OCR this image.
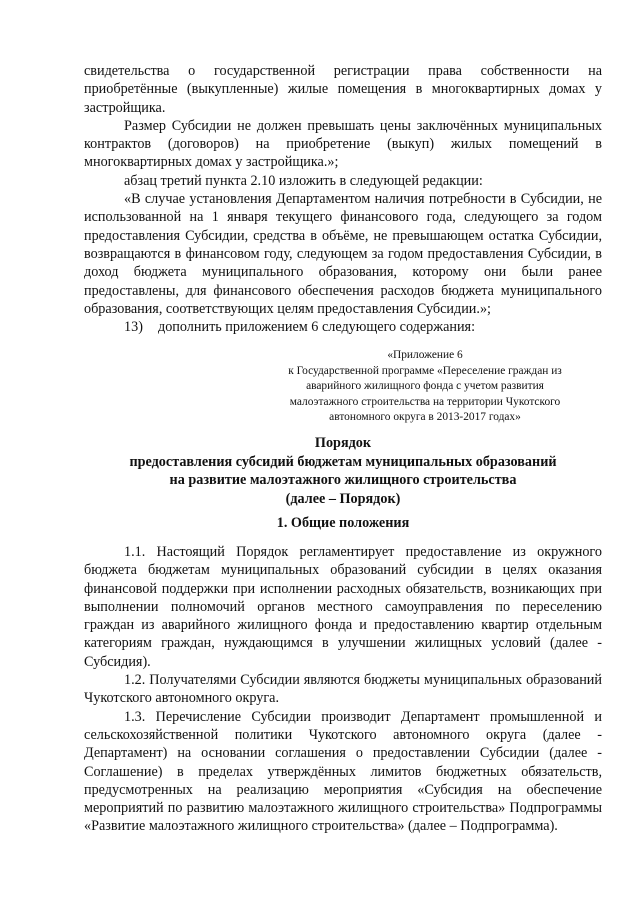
свидетельства о государственной регистрации права собственности на приобретённые (выкупленные) жилые помещения в многоквартирных домах у застройщика.

Размер Субсидии не должен превышать цены заключённых муниципальных контрактов (договоров) на приобретение (выкуп) жилых помещений в многоквартирных домах у застройщика.»;

абзац третий пункта 2.10 изложить в следующей редакции:

«В случае установления Департаментом наличия потребности в Субсидии, не использованной на 1 января текущего финансового года, следующего за годом предоставления Субсидии, средства в объёме, не превышающем остатка Субсидии, возвращаются в финансовом году, следующем за годом предоставления Субсидии, в доход бюджета муниципального образования, которому они были ранее предоставлены, для финансового обеспечения расходов бюджета муниципального образования, соответствующих целям предоставления Субсидии.»;

13) дополнить приложением 6 следующего содержания:

«Приложение 6
к Государственной программе «Переселение граждан из
аварийного жилищного фонда с учетом развития
малоэтажного строительства на территории Чукотского
автономного округа в 2013-2017 годах»
Порядок
предоставления субсидий бюджетам муниципальных образований
на развитие малоэтажного жилищного строительства
(далее – Порядок)
1. Общие положения

1.1. Настоящий Порядок регламентирует предоставление из окружного бюджета бюджетам муниципальных образований субсидии в целях оказания финансовой поддержки при исполнении расходных обязательств, возникающих при выполнении полномочий органов местного самоуправления по переселению граждан из аварийного жилищного фонда и предоставлению квартир отдельным категориям граждан, нуждающимся в улучшении жилищных условий (далее - Субсидия).

1.2. Получателями Субсидии являются бюджеты муниципальных образований Чукотского автономного округа.

1.3. Перечисление Субсидии производит Департамент промышленной и сельскохозяйственной политики Чукотского автономного округа (далее - Департамент) на основании соглашения о предоставлении Субсидии (далее - Соглашение) в пределах утверждённых лимитов бюджетных обязательств, предусмотренных на реализацию мероприятия «Субсидия на обеспечение мероприятий по развитию малоэтажного жилищного строительства» Подпрограммы «Развитие малоэтажного жилищного строительства» (далее – Подпрограмма).
